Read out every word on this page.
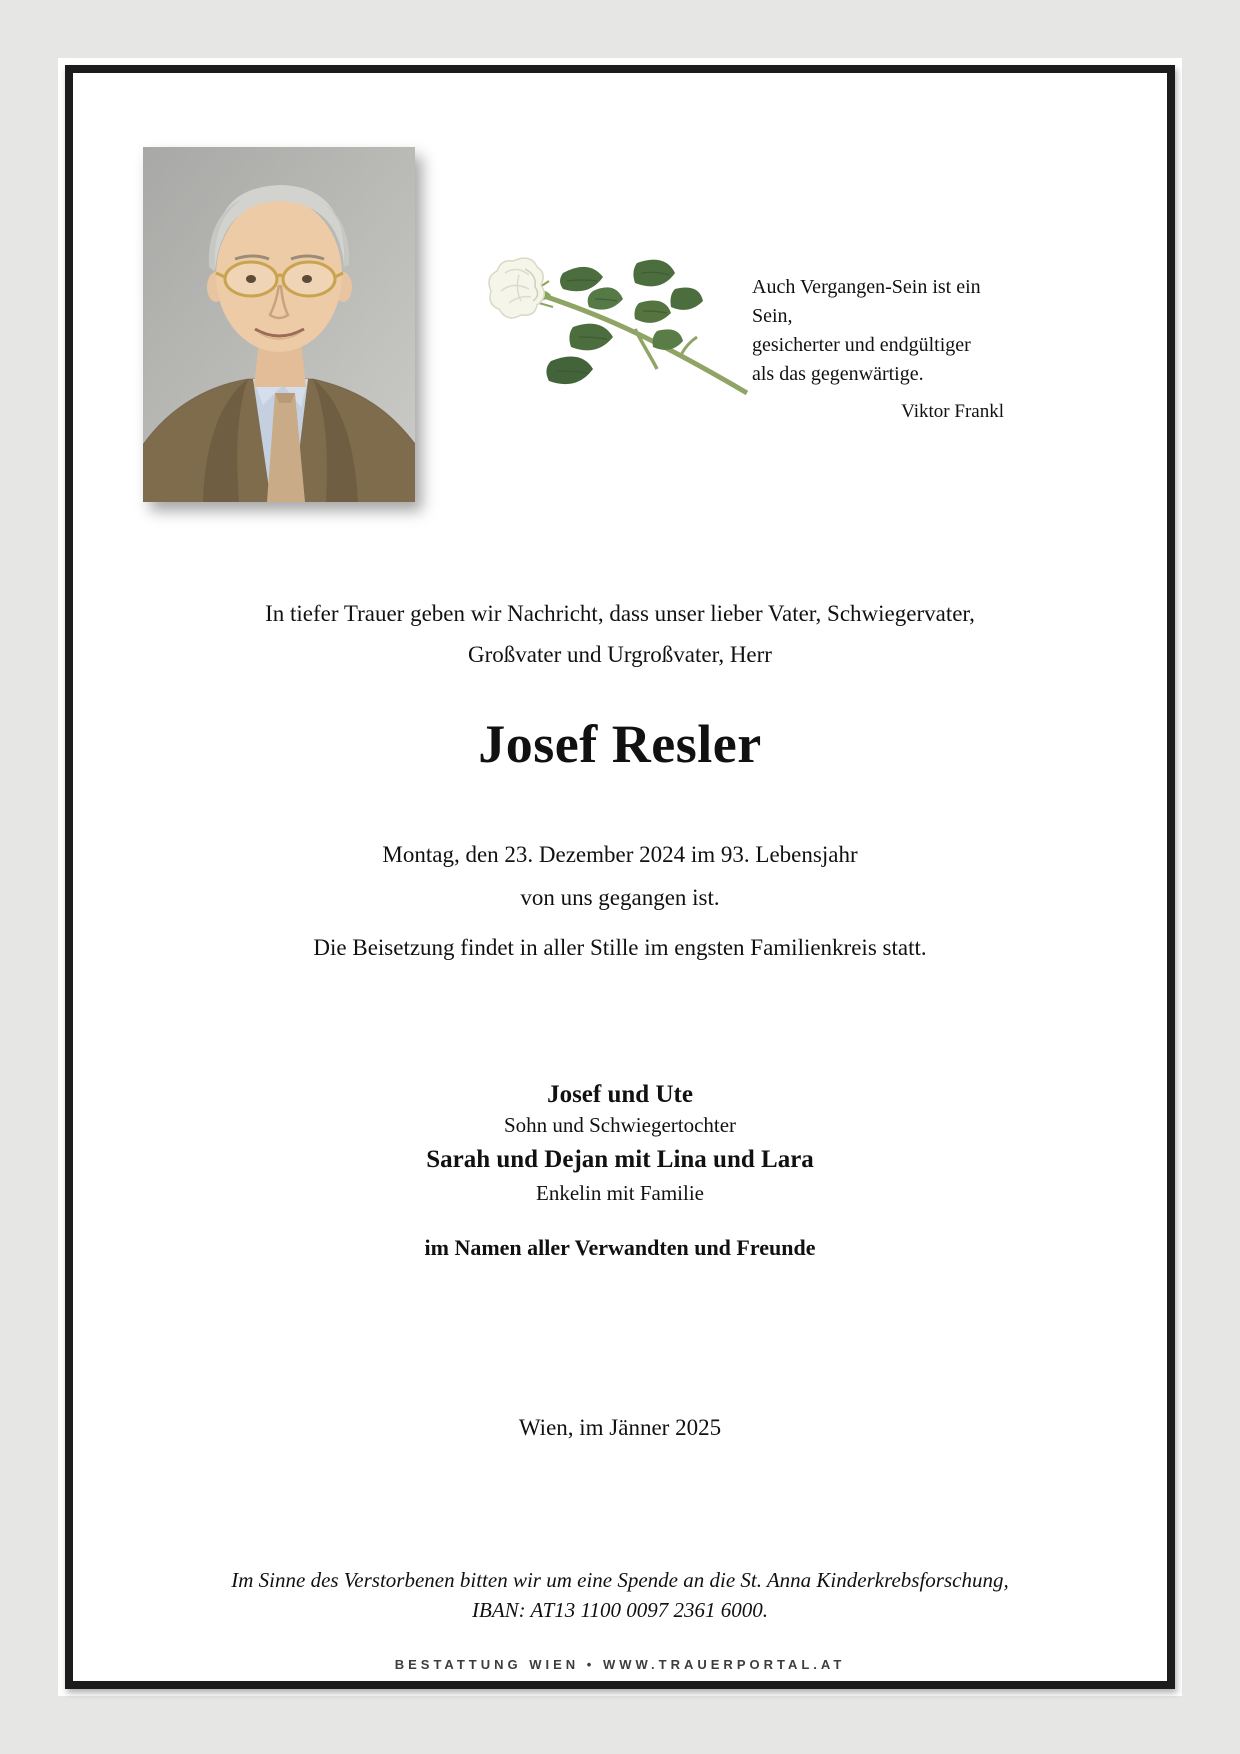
Auch Vergangen-Sein ist ein Sein,
gesicherter und endgültiger
als das gegenwärtige.
Viktor Frankl
In tiefer Trauer geben wir Nachricht, dass unser lieber Vater, Schwiegervater,
Großvater und Urgroßvater, Herr
Josef Resler
Montag, den 23. Dezember 2024 im 93. Lebensjahr
von uns gegangen ist.
Die Beisetzung findet in aller Stille im engsten Familienkreis statt.
Josef und Ute
Sohn und Schwiegertochter
Sarah und Dejan mit Lina und Lara
Enkelin mit Familie
im Namen aller Verwandten und Freunde
Wien, im Jänner 2025
Im Sinne des Verstorbenen bitten wir um eine Spende an die St. Anna Kinderkrebsforschung,
IBAN: AT13 1100 0097 2361 6000.
BESTATTUNG WIEN • WWW.TRAUERPORTAL.AT
